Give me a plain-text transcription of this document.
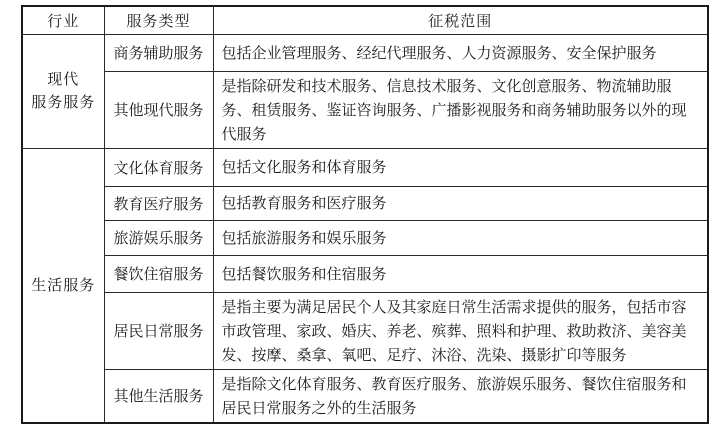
行业	服务类型	征税范围

现代
服务服务	商务辅助服务	包括企业管理服务、经纪代理服务、人力资源服务、安全保护服务
	其他现代服务	是指除研发和技术服务、信息技术服务、文化创意服务、物流辅助服务、租赁服务、鉴证咨询服务、广播影视服务和商务辅助服务以外的现代服务

生活服务	文化体育服务	包括文化服务和体育服务
	教育医疗服务	包括教育服务和医疗服务
	旅游娱乐服务	包括旅游服务和娱乐服务
	餐饮住宿服务	包括餐饮服务和住宿服务
	居民日常服务	是指主要为满足居民个人及其家庭日常生活需求提供的服务，包括市容市政管理、家政、婚庆、养老、殡葬、照料和护理、救助救济、美容美发、按摩、桑拿、氧吧、足疗、沐浴、洗染、摄影扩印等服务
	其他生活服务	是指除文化体育服务、教育医疗服务、旅游娱乐服务、餐饮住宿服务和居民日常服务之外的生活服务
